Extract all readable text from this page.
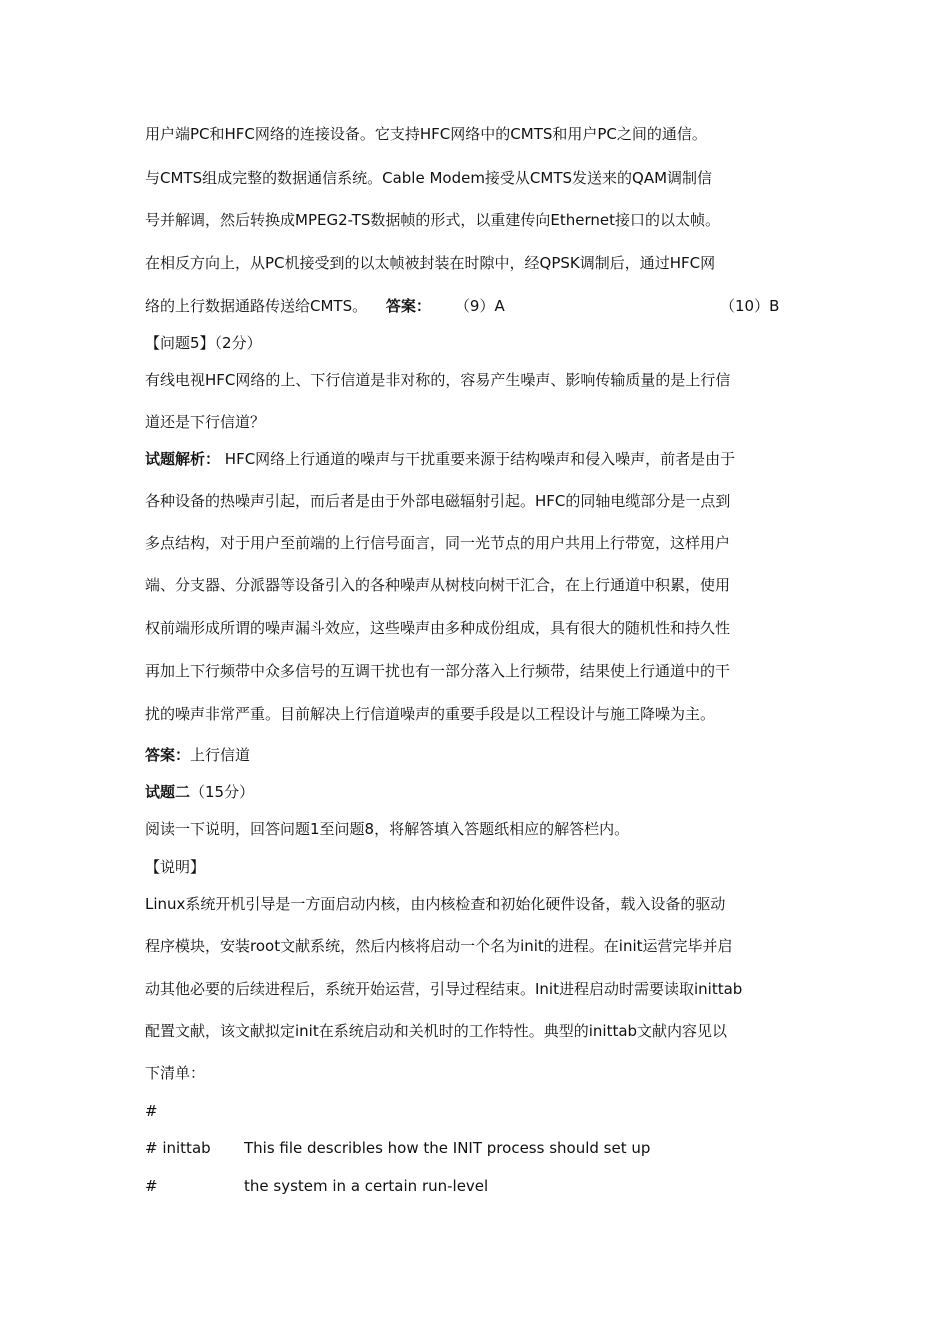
用户端PC和HFC网络的连接设备。它支持HFC网络中的CMTS和用户PC之间的通信。
与CMTS组成完整的数据通信系统。Cable Modem接受从CMTS发送来的QAM调制信
号并解调，然后转换成MPEG2-TS数据帧的形式，以重建传向Ethernet接口的以太帧。
在相反方向上，从PC机接受到的以太帧被封装在时隙中，经QPSK调制后，通过HFC网
络的上行数据通路传送给CMTS。 答案： （9）A	（10）B
【问题5】（2分）
有线电视HFC网络的上、下行信道是非对称的，容易产生噪声、影响传输质量的是上行信
道还是下行信道？
试题解析： HFC网络上行通道的噪声与干扰重要来源于结构噪声和侵入噪声，前者是由于
各种设备的热噪声引起，而后者是由于外部电磁辐射引起。HFC的同轴电缆部分是一点到
多点结构，对于用户至前端的上行信号面言，同一光节点的用户共用上行带宽，这样用户
端、分支器、分派器等设备引入的各种噪声从树枝向树干汇合，在上行通道中积累，使用
权前端形成所谓的噪声漏斗效应，这些噪声由多种成份组成，具有很大的随机性和持久性
再加上下行频带中众多信号的互调干扰也有一部分落入上行频带，结果使上行通道中的干
扰的噪声非常严重。目前解决上行信道噪声的重要手段是以工程设计与施工降噪为主。
答案：上行信道
试题二（15分）
阅读一下说明，回答问题1至问题8，将解答填入答题纸相应的解答栏内。
【说明】
Linux系统开机引导是一方面启动内核，由内核检查和初始化硬件设备，载入设备的驱动
程序模块，安装root文献系统，然后内核将启动一个名为init的进程。在init运营完毕并启
动其他必要的后续进程后，系统开始运营，引导过程结束。Init进程启动时需要读取inittab
配置文献，该文献拟定init在系统启动和关机时的工作特性。典型的inittab文献内容见以
下清单：
#
# inittab This file describles how the INIT process should set up
#	the system in a certain run-level
